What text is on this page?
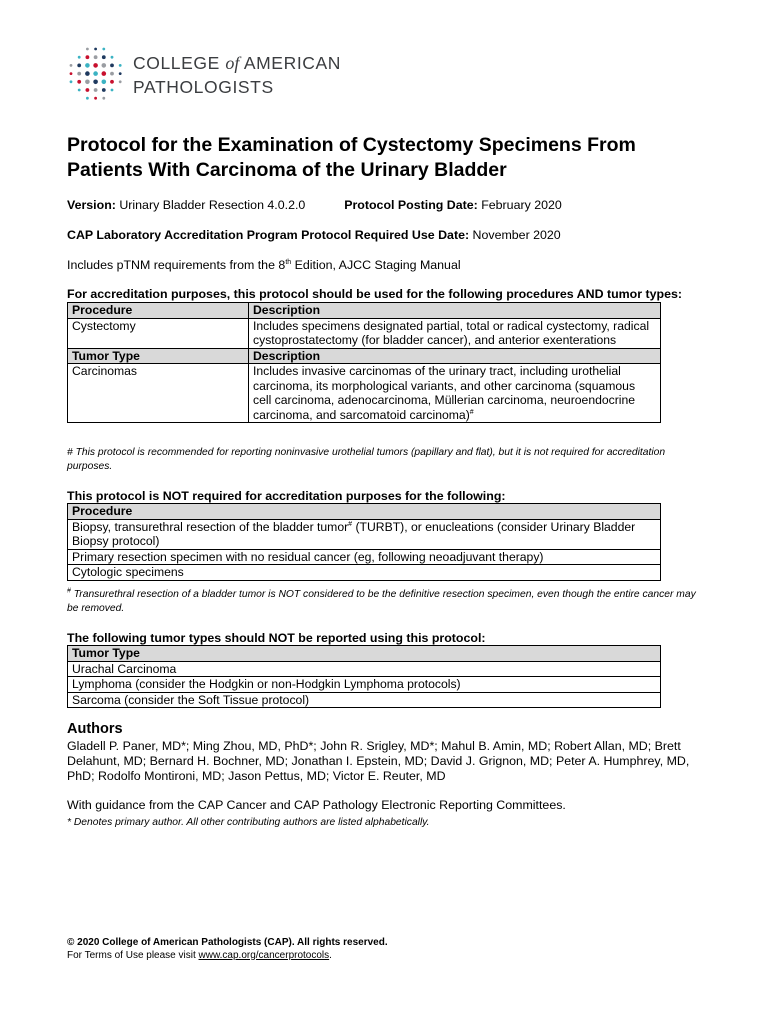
COLLEGE of AMERICAN
PATHOLOGISTS
Protocol for the Examination of Cystectomy Specimens From Patients With Carcinoma of the Urinary Bladder
Version: Urinary Bladder Resection 4.0.2.0	Protocol Posting Date: February 2020
CAP Laboratory Accreditation Program Protocol Required Use Date: November 2020
Includes pTNM requirements from the 8th Edition, AJCC Staging Manual
For accreditation purposes, this protocol should be used for the following procedures AND tumor types:
Procedure	Description
Cystectomy	Includes specimens designated partial, total or radical cystectomy, radical cystoprostatectomy (for bladder cancer), and anterior exenterations
Tumor Type	Description
Carcinomas	Includes invasive carcinomas of the urinary tract, including urothelial carcinoma, its morphological variants, and other carcinoma (squamous cell carcinoma, adenocarcinoma, Müllerian carcinoma, neuroendocrine carcinoma, and sarcomatoid carcinoma)#
# This protocol is recommended for reporting noninvasive urothelial tumors (papillary and flat), but it is not required for accreditation purposes.
This protocol is NOT required for accreditation purposes for the following:
Procedure
Biopsy, transurethral resection of the bladder tumor# (TURBT), or enucleations (consider Urinary Bladder Biopsy protocol)
Primary resection specimen with no residual cancer (eg, following neoadjuvant therapy)
Cytologic specimens
# Transurethral resection of a bladder tumor is NOT considered to be the definitive resection specimen, even though the entire cancer may be removed.
The following tumor types should NOT be reported using this protocol:
Tumor Type
Urachal Carcinoma
Lymphoma (consider the Hodgkin or non-Hodgkin Lymphoma protocols)
Sarcoma (consider the Soft Tissue protocol)
Authors
Gladell P. Paner, MD*; Ming Zhou, MD, PhD*; John R. Srigley, MD*; Mahul B. Amin, MD; Robert Allan, MD; Brett Delahunt, MD; Bernard H. Bochner, MD; Jonathan I. Epstein, MD; David J. Grignon, MD; Peter A. Humphrey, MD, PhD; Rodolfo Montironi, MD; Jason Pettus, MD; Victor E. Reuter, MD
With guidance from the CAP Cancer and CAP Pathology Electronic Reporting Committees.
* Denotes primary author. All other contributing authors are listed alphabetically.
© 2020 College of American Pathologists (CAP). All rights reserved.
For Terms of Use please visit www.cap.org/cancerprotocols.
